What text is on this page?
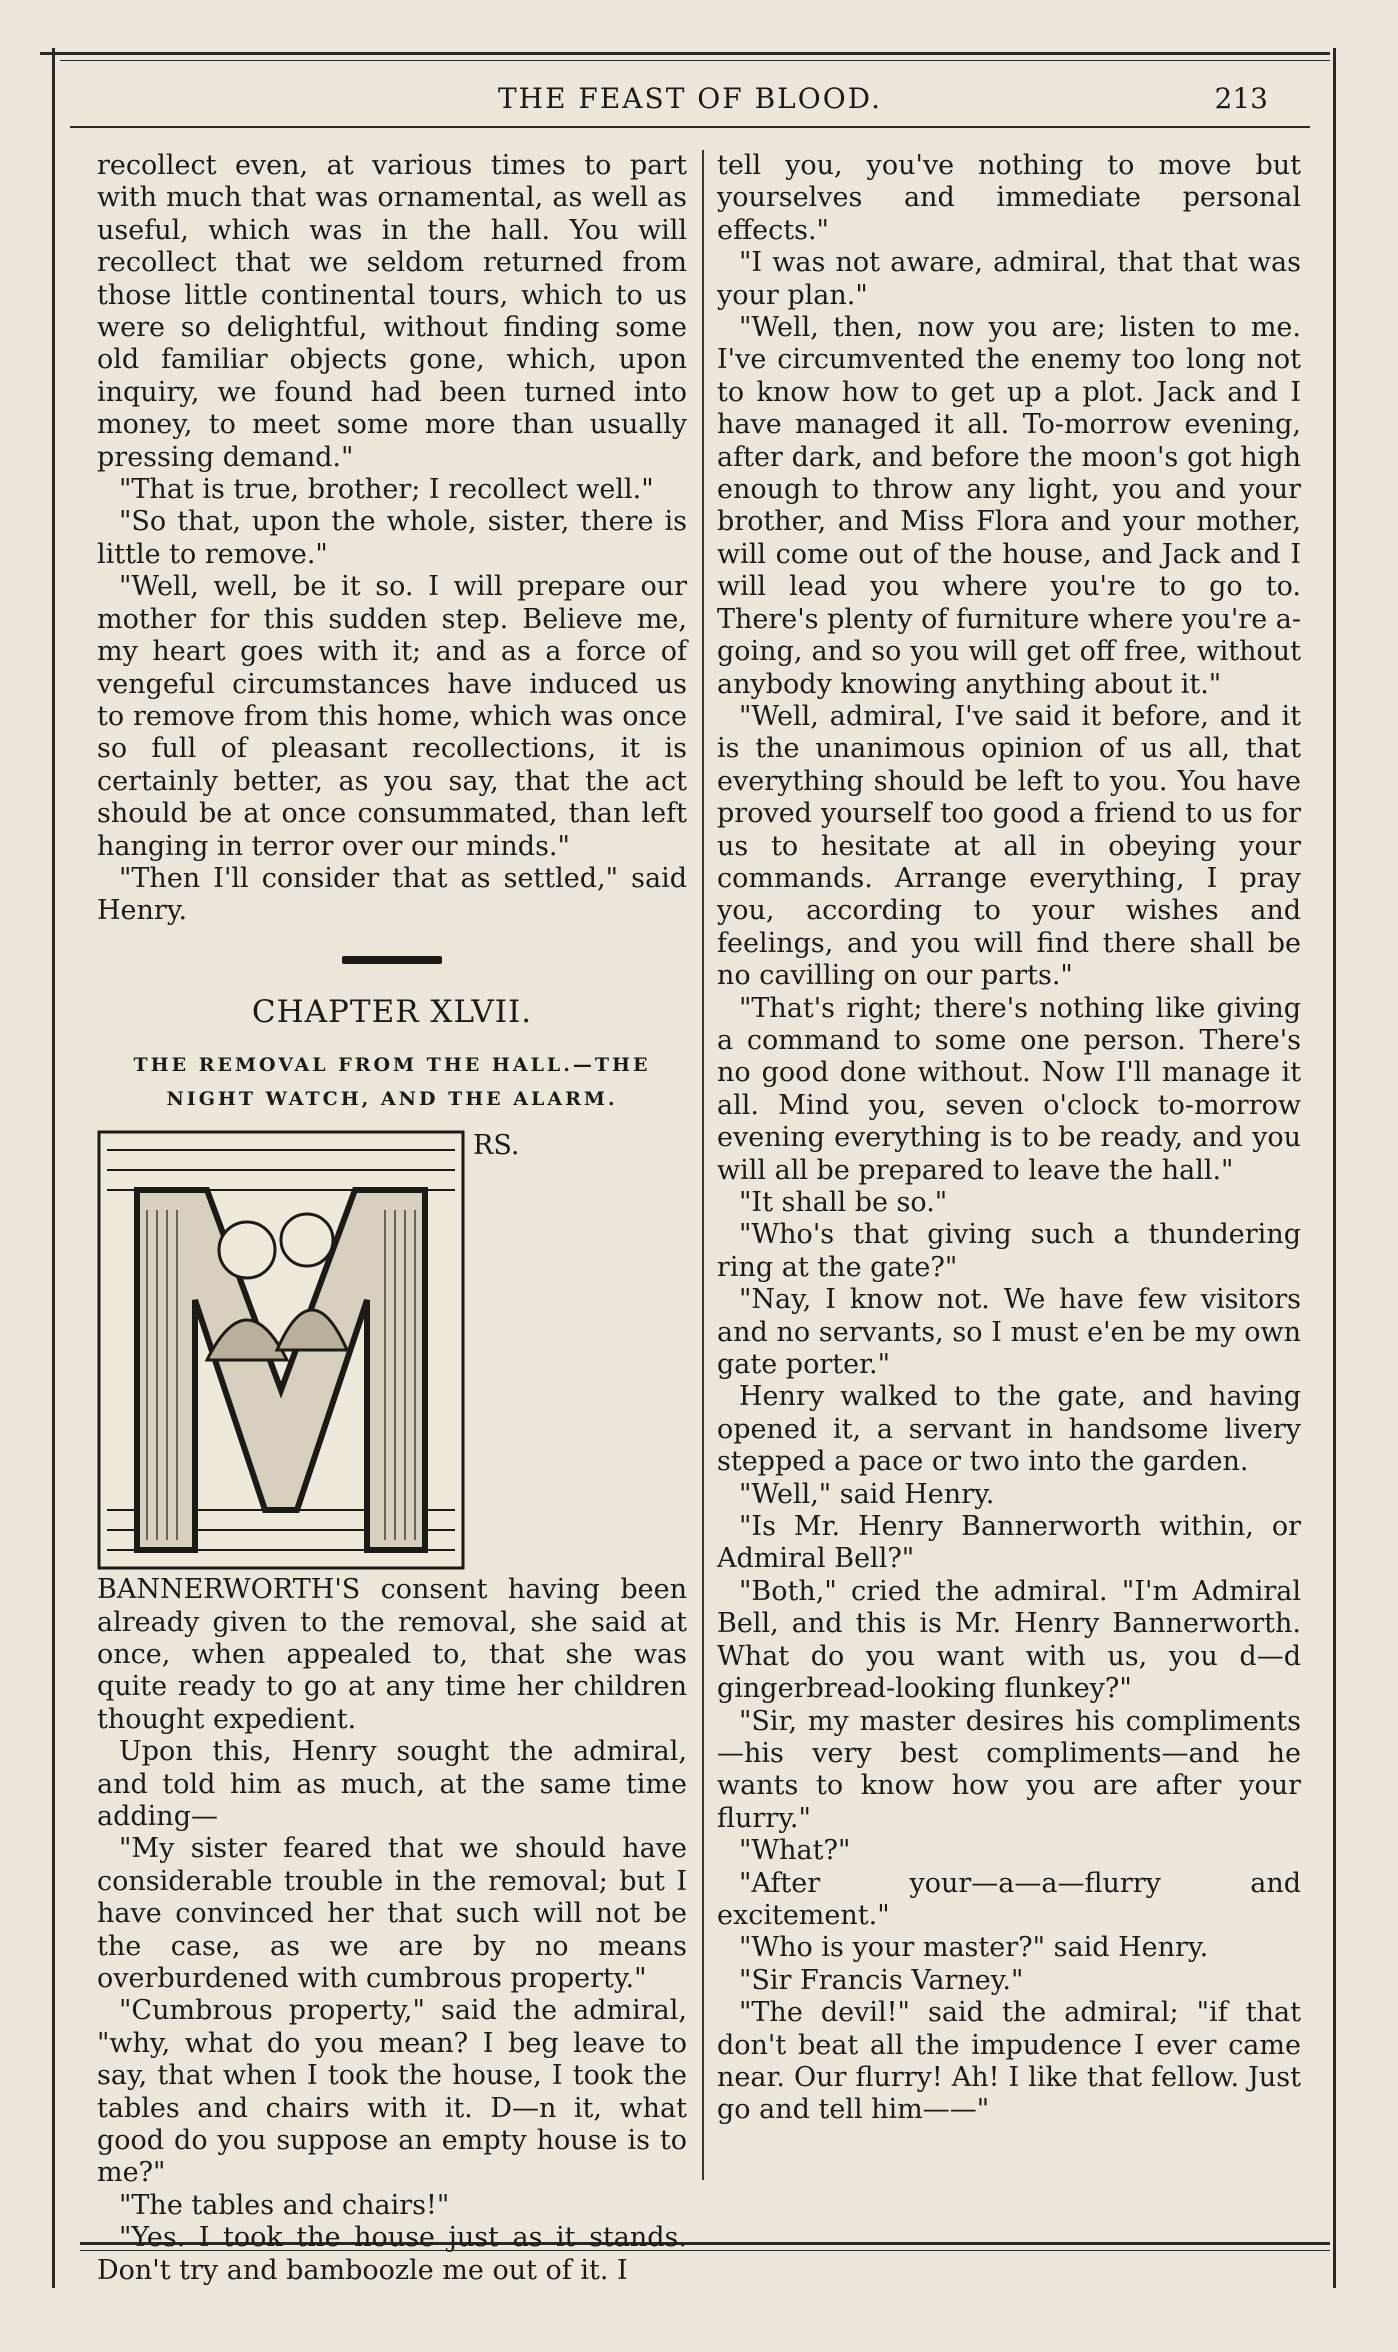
THE FEAST OF BLOOD.	213

recollect even, at various times to part with much that was ornamental, as well as useful, which was in the hall. You will recollect that we seldom returned from those little continental tours, which to us were so delightful, without finding some old familiar objects gone, which, upon inquiry, we found had been turned into money, to meet some more than usually pressing demand."

"That is true, brother; I recollect well."

"So that, upon the whole, sister, there is little to remove."

"Well, well, be it so. I will prepare our mother for this sudden step. Believe me, my heart goes with it; and as a force of vengeful circumstances have induced us to remove from this home, which was once so full of pleasant recollections, it is certainly better, as you say, that the act should be at once consummated, than left hanging in terror over our minds."

"Then I'll consider that as settled," said Henry.

CHAPTER XLVII.
THE REMOVAL FROM THE HALL.—THE
NIGHT WATCH, AND THE ALARM.

RS. BANNERWORTH'S consent having been already given to the removal, she said at once, when appealed to, that she was quite ready to go at any time her children thought expedient.

Upon this, Henry sought the admiral, and told him as much, at the same time adding—

"My sister feared that we should have considerable trouble in the removal; but I have convinced her that such will not be the case, as we are by no means overburdened with cumbrous property."

"Cumbrous property," said the admiral, "why, what do you mean? I beg leave to say, that when I took the house, I took the tables and chairs with it. D—n it, what good do you suppose an empty house is to me?"

"The tables and chairs!"

"Yes. I took the house just as it stands. Don't try and bamboozle me out of it. I

tell you, you've nothing to move but yourselves and immediate personal effects."

"I was not aware, admiral, that that was your plan."

"Well, then, now you are; listen to me. I've circumvented the enemy too long not to know how to get up a plot. Jack and I have managed it all. To-morrow evening, after dark, and before the moon's got high enough to throw any light, you and your brother, and Miss Flora and your mother, will come out of the house, and Jack and I will lead you where you're to go to. There's plenty of furniture where you're a-going, and so you will get off free, without anybody knowing anything about it."

"Well, admiral, I've said it before, and it is the unanimous opinion of us all, that everything should be left to you. You have proved yourself too good a friend to us for us to hesitate at all in obeying your commands. Arrange everything, I pray you, according to your wishes and feelings, and you will find there shall be no cavilling on our parts."

"That's right; there's nothing like giving a command to some one person. There's no good done without. Now I'll manage it all. Mind you, seven o'clock to-morrow evening everything is to be ready, and you will all be prepared to leave the hall."

"It shall be so."

"Who's that giving such a thundering ring at the gate?"

"Nay, I know not. We have few visitors and no servants, so I must e'en be my own gate porter."

Henry walked to the gate, and having opened it, a servant in handsome livery stepped a pace or two into the garden.

"Well," said Henry.

"Is Mr. Henry Bannerworth within, or Admiral Bell?"

"Both," cried the admiral. "I'm Admiral Bell, and this is Mr. Henry Bannerworth. What do you want with us, you d—d gingerbread-looking flunkey?"

"Sir, my master desires his compliments—his very best compliments—and he wants to know how you are after your flurry."

"What?"

"After your—a—a—flurry and excitement."

"Who is your master?" said Henry.

"Sir Francis Varney."

"The devil!" said the admiral; "if that don't beat all the impudence I ever came near. Our flurry! Ah! I like that fellow. Just go and tell him——"
